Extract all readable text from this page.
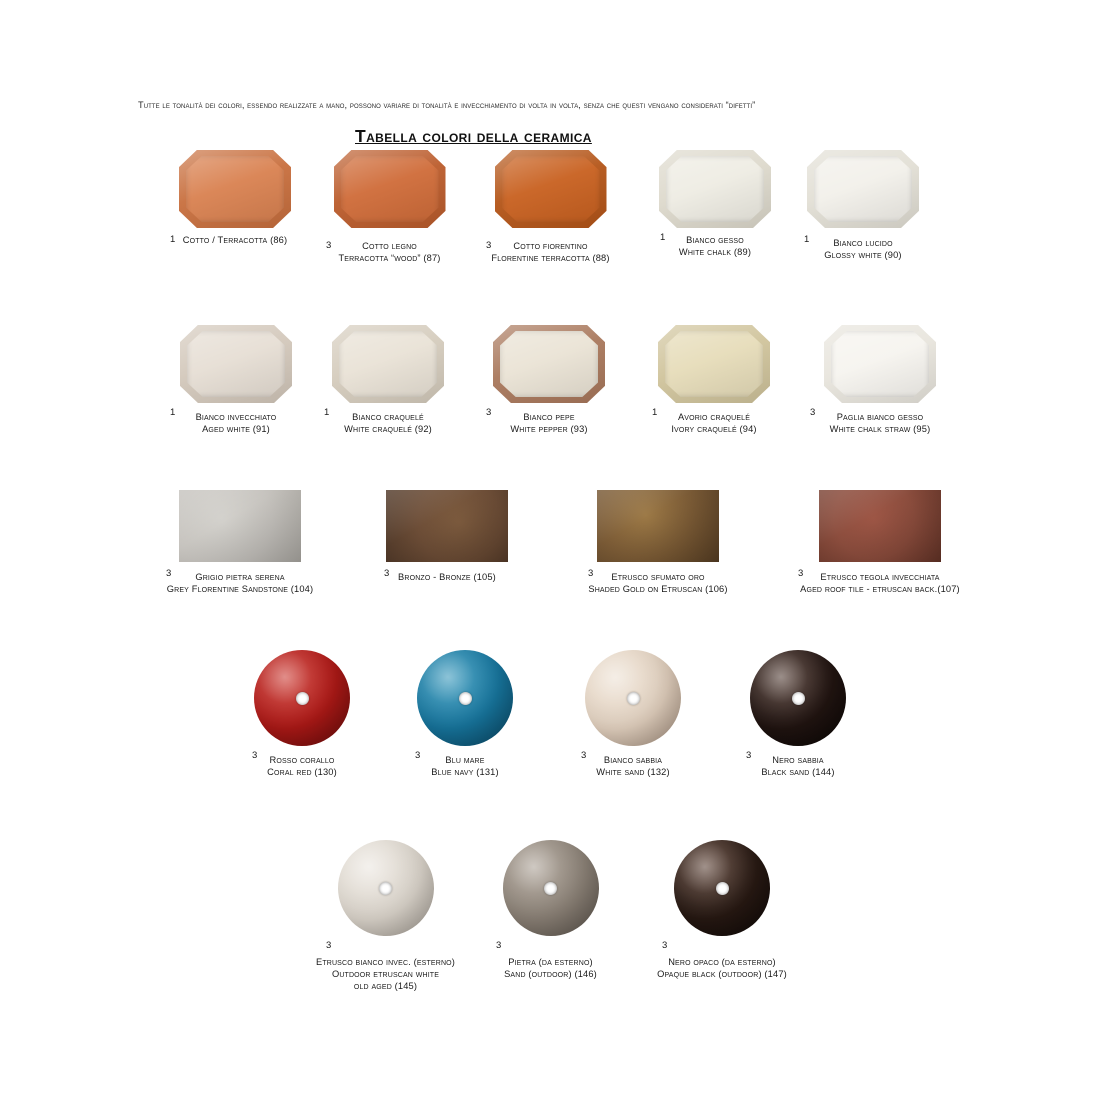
Tutte le tonalità dei colori, essendo realizzate a mano, possono variare di tonalità e invecchiamento di volta in volta, senza che questi vengano considerati “difetti”
Tabella colori della ceramica
1 Cotto / Terracotta (86)	3	Cotto legno
Terracotta “wood” (87)
3	Cotto fiorentino
Florentine terracotta (88)
1	Bianco gesso
White chalk (89)
1	Bianco lucido
Glossy white (90)
1	Bianco invecchiato
Aged white (91)
1	Bianco craquelé
White craquelé (92)
3	Bianco pepe
White pepper (93)
1	Avorio craquelé
Ivory craquelé (94)
3	Paglia bianco gesso
White chalk straw (95)
3	Grigio pietra serena
Grey Florentine Sandstone (104)
3 Bronzo - Bronze (105)	3	Etrusco sfumato oro
Shaded Gold on Etruscan (106)
3	Etrusco tegola invecchiata
Aged roof tile - etruscan back.(107)
3	Rosso corallo
Coral red (130)
3	Blu mare
Blue navy (131)
3	Bianco sabbia
White sand (132)
3	Nero sabbia
Black sand (144)
3
Etrusco bianco invec. (esterno)
Outdoor etruscan white
old aged (145)
3
Pietra (da esterno)
Sand (outdoor) (146)
3
Nero opaco (da esterno)
Opaque black (outdoor) (147)
